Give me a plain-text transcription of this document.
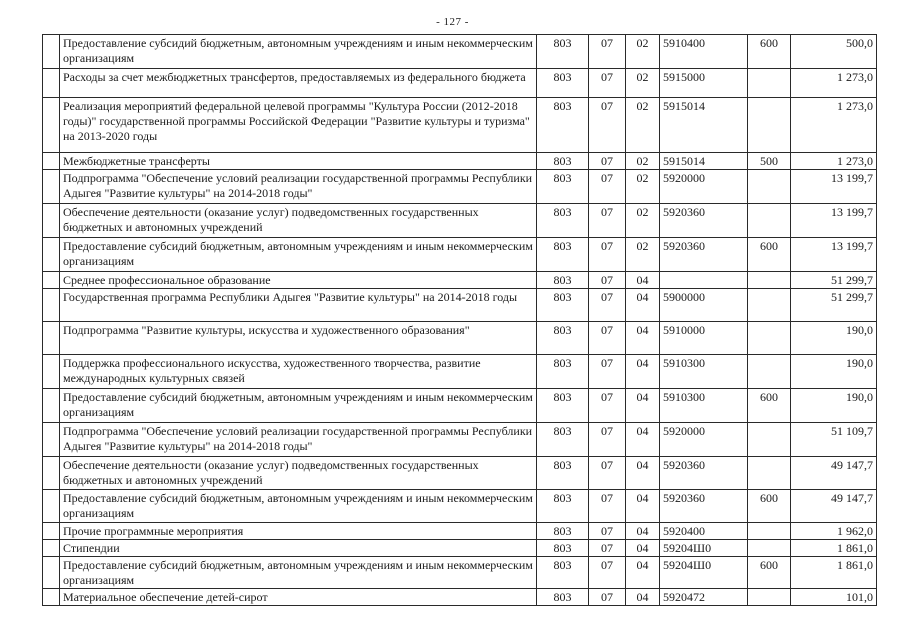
- 127 -
	Предоставление субсидий бюджетным, автономным учреждениям и иным некоммерческим организациям	803	07	02	5910400	600	500,0
	Расходы за счет межбюджетных трансфертов, предоставляемых из федерального бюджета	803	07	02	5915000		1 273,0
	Реализация мероприятий федеральной целевой программы "Культура России (2012-2018 годы)" государственной программы Российской Федерации "Развитие культуры и туризма" на 2013-2020 годы	803	07	02	5915014		1 273,0
	Межбюджетные трансферты	803	07	02	5915014	500	1 273,0
	Подпрограмма "Обеспечение условий реализации государственной программы Республики Адыгея "Развитие культуры" на 2014-2018 годы"	803	07	02	5920000		13 199,7
	Обеспечение деятельности (оказание услуг) подведомственных государственных бюджетных и автономных учреждений	803	07	02	5920360		13 199,7
	Предоставление субсидий бюджетным, автономным учреждениям и иным некоммерческим организациям	803	07	02	5920360	600	13 199,7
	Среднее профессиональное образование	803	07	04			51 299,7
	Государственная программа Республики Адыгея "Развитие культуры" на 2014-2018 годы	803	07	04	5900000		51 299,7
	Подпрограмма "Развитие культуры, искусства и художественного образования"	803	07	04	5910000		190,0
	Поддержка профессионального искусства, художественного творчества, развитие международных культурных связей	803	07	04	5910300		190,0
	Предоставление субсидий бюджетным, автономным учреждениям и иным некоммерческим организациям	803	07	04	5910300	600	190,0
	Подпрограмма "Обеспечение условий реализации государственной программы Республики Адыгея "Развитие культуры" на 2014-2018 годы"	803	07	04	5920000		51 109,7
	Обеспечение деятельности (оказание услуг) подведомственных государственных бюджетных и автономных учреждений	803	07	04	5920360		49 147,7
	Предоставление субсидий бюджетным, автономным учреждениям и иным некоммерческим организациям	803	07	04	5920360	600	49 147,7
	Прочие программные мероприятия	803	07	04	5920400		1 962,0
	Стипендии	803	07	04	59204Ш0		1 861,0
	Предоставление субсидий бюджетным, автономным учреждениям и иным некоммерческим организациям	803	07	04	59204Ш0	600	1 861,0
	Материальное обеспечение детей-сирот	803	07	04	5920472		101,0
